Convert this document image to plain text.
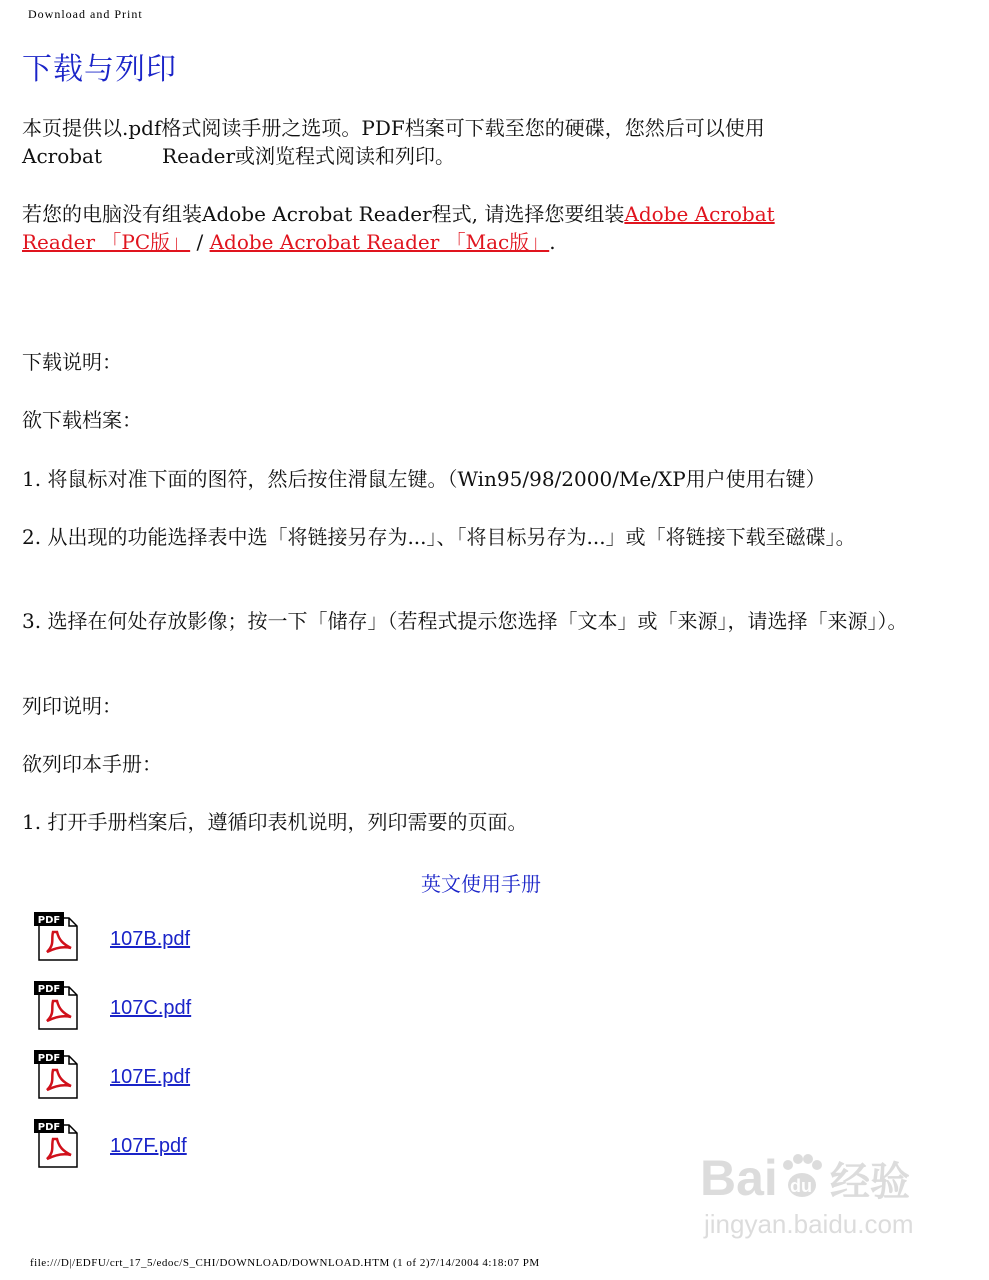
Download and Print
下载与列印

本页提供以.pdf格式阅读手册之选项。PDF档案可下载至您的硬碟，您然后可以使用
Acrobat	Reader或浏览程式阅读和列印。

若您的电脑没有组装Adobe Acrobat Reader程式, 请选择您要组装Adobe Acrobat
Reader 「PC版」 / Adobe Acrobat Reader 「Mac版」.

下载说明：

欲下载档案：

1. 将鼠标对准下面的图符，然后按住滑鼠左键。（Win95/98/2000/Me/XP用户使用右键）

2. 从出现的功能选择表中选「将链接另存为...」、「将目标另存为...」或「将链接下载至磁碟」。

3. 选择在何处存放影像；按一下「储存」（若程式提示您选择「文本」或「来源」，请选择「来源」）。

列印说明：

欲列印本手册：

1. 打开手册档案后，遵循印表机说明，列印需要的页面。

英文使用手册
PDF
107B.pdf
PDF
107C.pdf
PDF
107E.pdf
PDF
107F.pdf
Bai du 经验
jingyan.baidu.com
file:///D|/EDFU/crt_17_5/edoc/S_CHI/DOWNLOAD/DOWNLOAD.HTM (1 of 2)7/14/2004 4:18:07 PM
